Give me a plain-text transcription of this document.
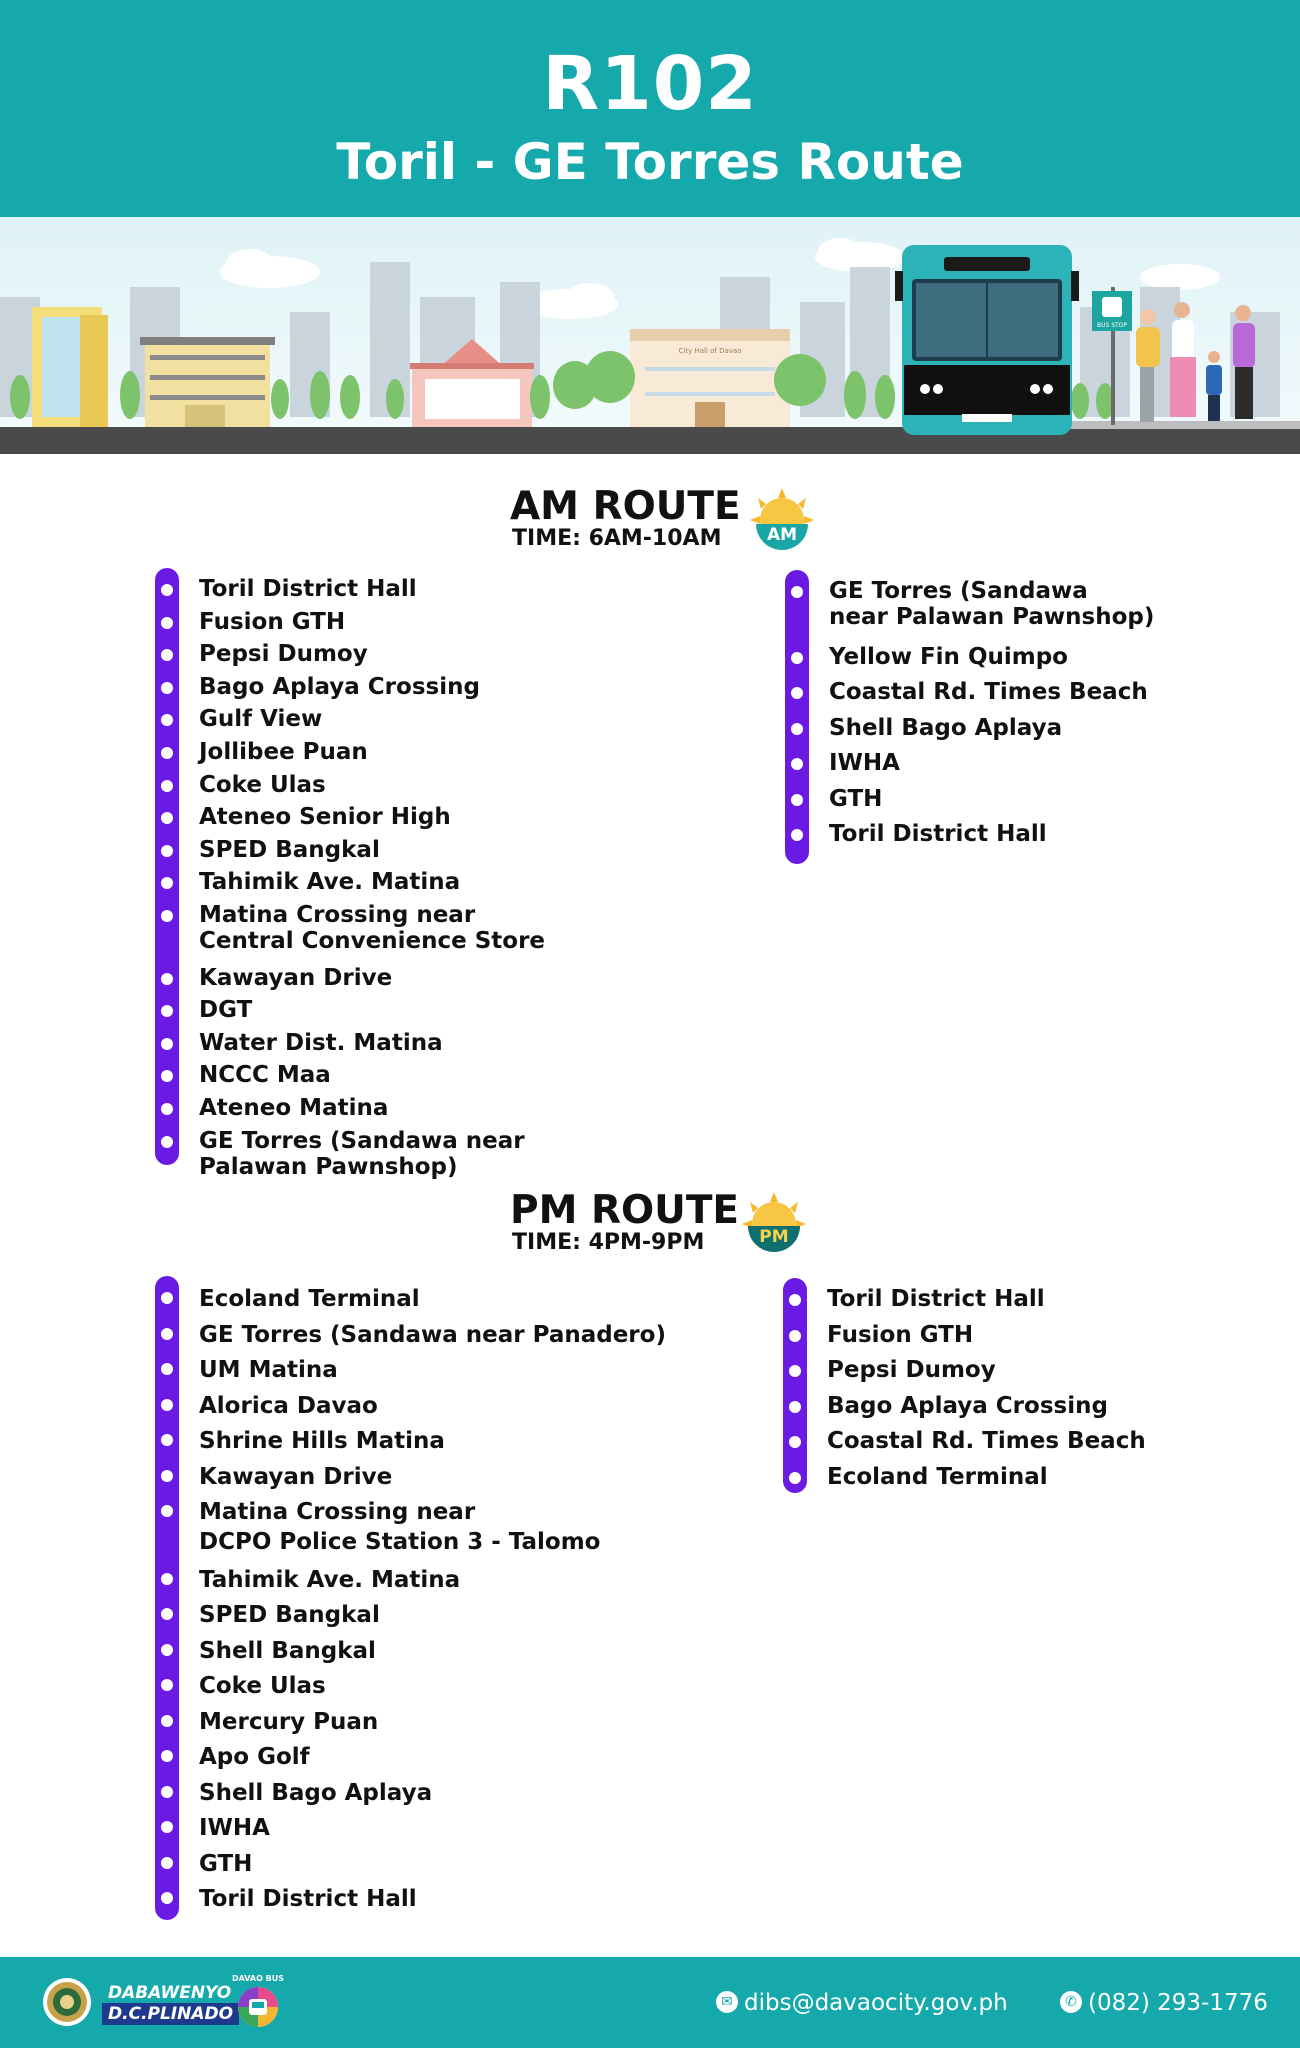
R102
Toril - GE Torres Route
City Hall of Davao
BUS STOP
AM ROUTE
TIME: 6AM-10AM	AM
Toril District Hall
Fusion GTH
Pepsi Dumoy
Bago Aplaya Crossing
Gulf View
Jollibee Puan
Coke Ulas
Ateneo Senior High
SPED Bangkal
Tahimik Ave. Matina
Matina Crossing near
Central Convenience Store
Kawayan Drive
DGT
Water Dist. Matina
NCCC Maa
Ateneo Matina
GE Torres (Sandawa near
Palawan Pawnshop)
GE Torres (Sandawa
near Palawan Pawnshop)
Yellow Fin Quimpo
Coastal Rd. Times Beach
Shell Bago Aplaya
IWHA
GTH
Toril District Hall
PM ROUTE
TIME: 4PM-9PM	PM
Ecoland Terminal
GE Torres (Sandawa near Panadero)
UM Matina
Alorica Davao
Shrine Hills Matina
Kawayan Drive
Matina Crossing near
DCPO Police Station 3 - Talomo
Tahimik Ave. Matina
SPED Bangkal
Shell Bangkal
Coke Ulas
Mercury Puan
Apo Golf
Shell Bago Aplaya
IWHA
GTH
Toril District Hall
Toril District Hall
Fusion GTH
Pepsi Dumoy
Bago Aplaya Crossing
Coastal Rd. Times Beach
Ecoland Terminal
DABAWENYO
D.C.PLINADO
DAVAO BUS
✉ dibs@davaocity.gov.ph	✆ (082) 293-1776
